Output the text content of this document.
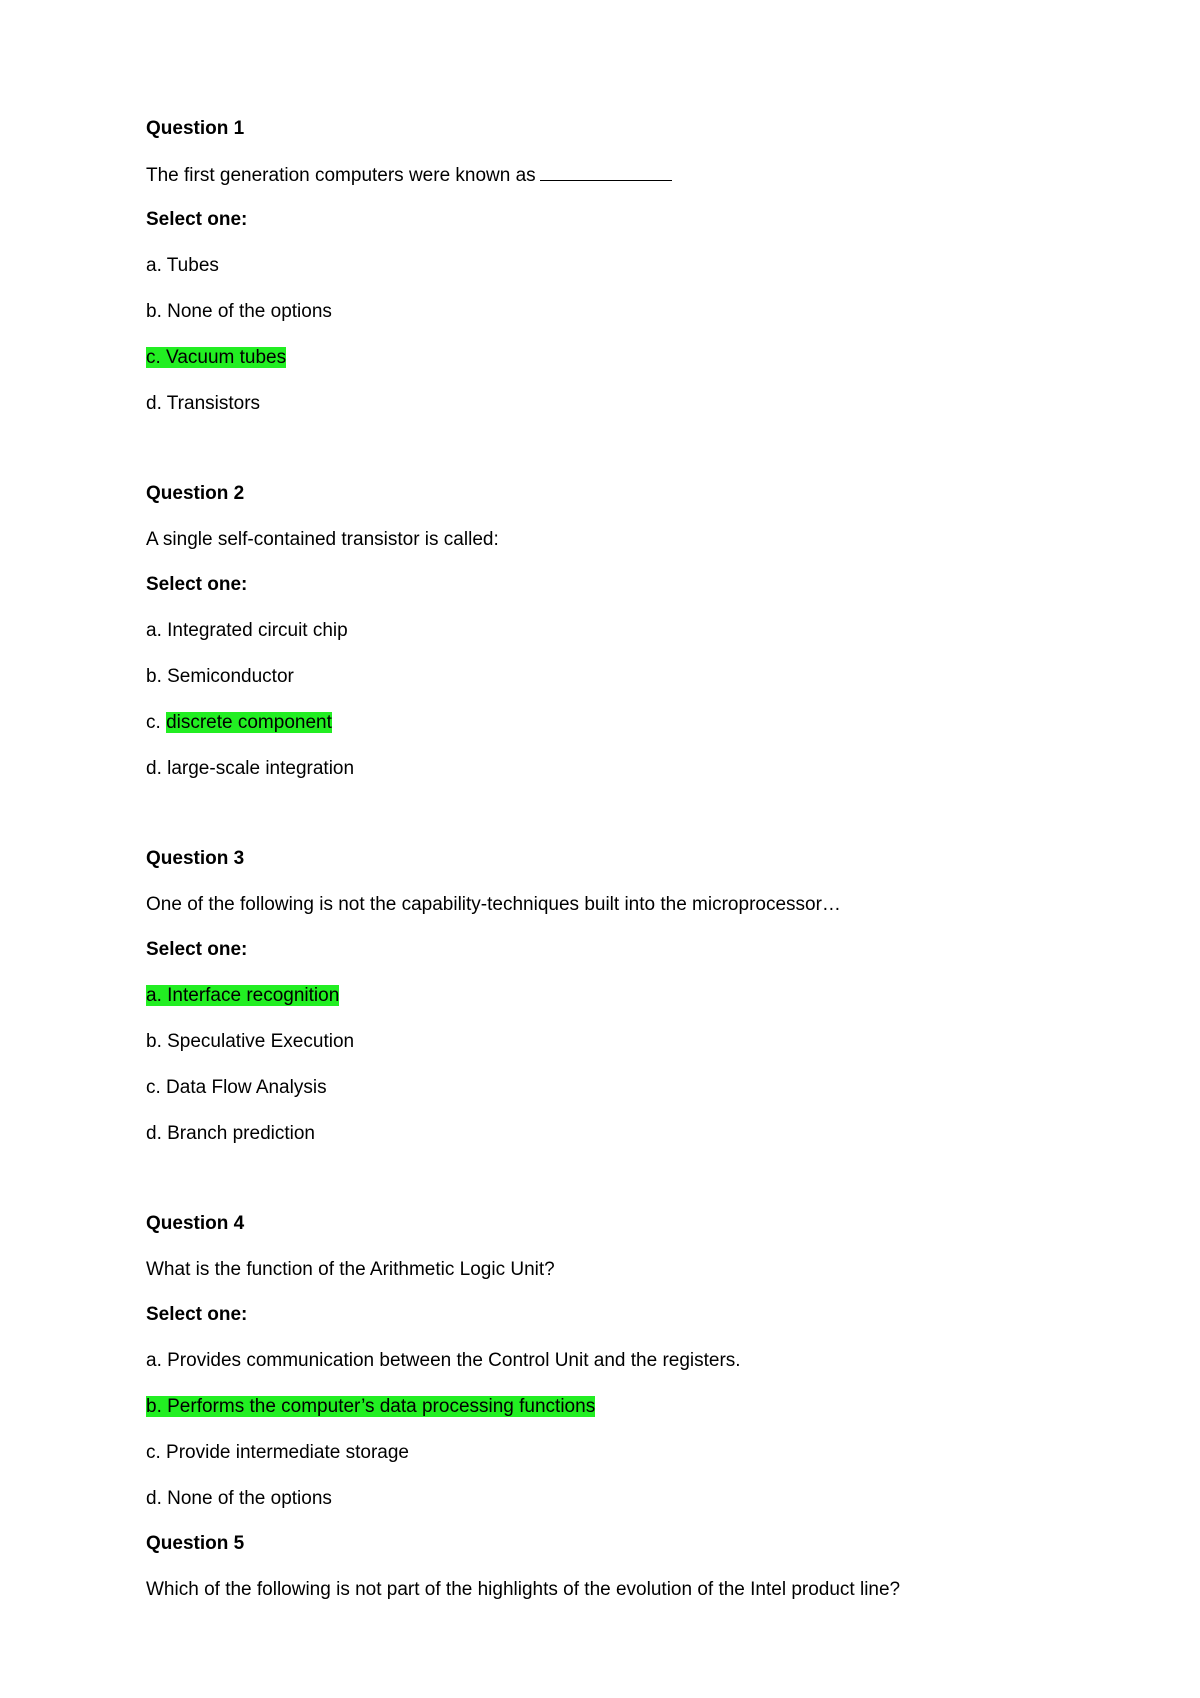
Question 1
The first generation computers were known as
Select one:
a. Tubes
b. None of the options
c. Vacuum tubes
d. Transistors
Question 2
A single self-contained transistor is called:
Select one:
a. Integrated circuit chip
b. Semiconductor
c. discrete component
d. large-scale integration
Question 3
One of the following is not the capability-techniques built into the microprocessor…
Select one:
a. Interface recognition
b. Speculative Execution
c. Data Flow Analysis
d. Branch prediction
Question 4
What is the function of the Arithmetic Logic Unit?
Select one:
a. Provides communication between the Control Unit and the registers.
b. Performs the computer’s data processing functions
c. Provide intermediate storage
d. None of the options
Question 5
Which of the following is not part of the highlights of the evolution of the Intel product line?
